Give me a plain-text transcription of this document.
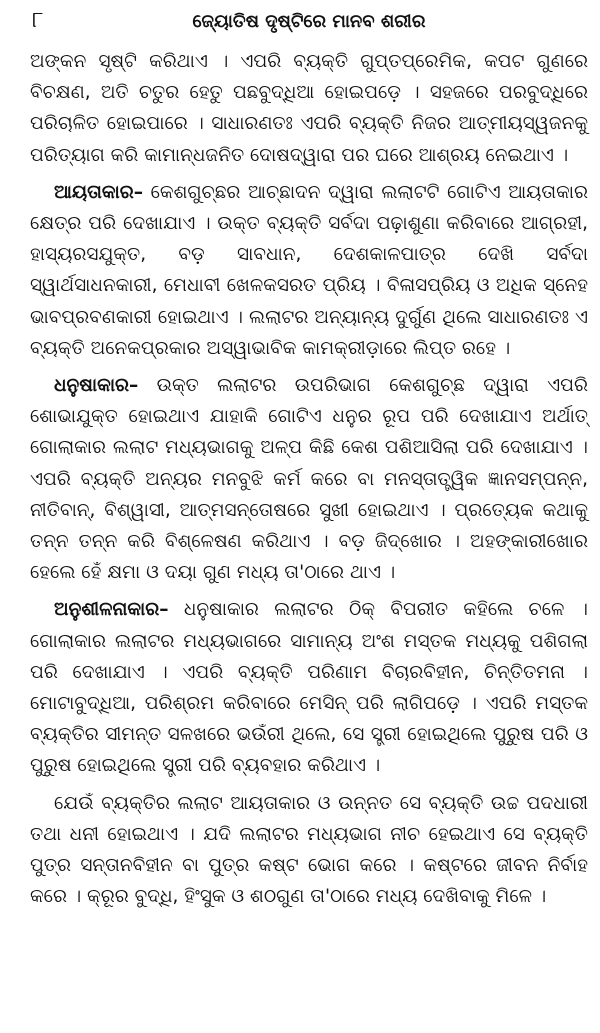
୮	ଜ୍ୟୋତିଷ ଦୃଷ୍ଟିରେ ମାନବ ଶରୀର

ଅଙ୍କନ ସୃଷ୍ଟି କରିଥାଏ । ଏପରି ବ୍ୟକ୍ତି ଗୁପ୍ତପ୍ରେମିକ, କପଟ ଗୁଣରେ ବିଚକ୍ଷଣ, ଅତି ଚତୁର ହେତୁ ପଛବୁଦ୍ଧିଆ ହୋଇପଡ଼େ । ସହଜରେ ପରବୁଦ୍ଧିରେ ପରିଚାଳିତ ହୋଇପାରେ । ସାଧାରଣତଃ ଏପରି ବ୍ୟକ୍ତି ନିଜର ଆତ୍ମୀୟସ୍ୱଜନକୁ ପରିତ୍ୟାଗ କରି କାମାନ୍ଧଜନିତ ଦୋଷଦ୍ୱାରା ପର ଘରେ ଆଶ୍ରୟ ନେଇଥାଏ ।

ଆୟତାକାର– କେଶଗୁଚ୍ଛର ଆଚ୍ଛାଦନ ଦ୍ୱାରା ଲଲାଟଟି ଗୋଟିଏ ଆୟତାକାର କ୍ଷେତ୍ର ପରି ଦେଖାଯାଏ । ଉକ୍ତ ବ୍ୟକ୍ତି ସର୍ବଦା ପଢ଼ାଶୁଣା କରିବାରେ ଆଗ୍ରହୀ, ହାସ୍ୟରସଯୁକ୍ତ, ବଡ଼ ସାବଧାନ, ଦେଶକାଳପାତ୍ର ଦେଖି ସର୍ବଦା ସ୍ୱାର୍ଥସାଧନକାରୀ, ମେଧାବୀ ଖେଳକସରତ ପ୍ରିୟ । ବିଳାସପ୍ରିୟ ଓ ଅଧିକ ସ୍ନେହ ଭାବପ୍ରବଣକାରୀ ହୋଇଥାଏ । ଲଲାଟର ଅନ୍ୟାନ୍ୟ ଦୁର୍ଗୁଣ ଥିଲେ ସାଧାରଣତଃ ଏ ବ୍ୟକ୍ତି ଅନେକପ୍ରକାର ଅସ୍ୱାଭାବିକ କାମକ୍ରୀଡ଼ାରେ ଲିପ୍ତ ରହେ ।

ଧନୁଷାକାର– ଉକ୍ତ ଲଲାଟର ଉପରିଭାଗ କେଶଗୁଚ୍ଛ ଦ୍ୱାରା ଏପରି ଶୋଭାଯୁକ୍ତ ହୋଇଥାଏ ଯାହାକି ଗୋଟିଏ ଧନୁର ରୂପ ପରି ଦେଖାଯାଏ ଅର୍ଥାତ୍ ଗୋଲାକାର ଲଲାଟ ମଧ୍ୟଭାଗକୁ ଅଳ୍ପ କିଛି କେଶ ପଶିଆସିଲା ପରି ଦେଖାଯାଏ । ଏପରି ବ୍ୟକ୍ତି ଅନ୍ୟର ମନବୁଝି କର୍ମ କରେ ବା ମନସ୍ତାତ୍ତ୍ୱିକ ଜ୍ଞାନସମ୍ପନ୍ନ, ନୀତିବାନ୍, ବିଶ୍ୱାସୀ, ଆତ୍ମସନ୍ତୋଷରେ ସୁଖୀ ହୋଇଥାଏ । ପ୍ରତ୍ୟେକ କଥାକୁ ତନ୍ନ ତନ୍ନ କରି ବିଶ୍ଳେଷଣ କରିଥାଏ । ବଡ଼ ଜିଦ୍‌ଖୋର । ଅହଙ୍କାରୀଖୋର ହେଲେ ହେଁ କ୍ଷମା ଓ ଦୟା ଗୁଣ ମଧ୍ୟ ତା'ଠାରେ ଥାଏ ।

ଅନୁଶୀଳନାକାର– ଧନୁଷାକାର ଲଲାଟର ଠିକ୍ ବିପରୀତ କହିଲେ ଚଳେ । ଗୋଲାକାର ଲଲାଟର ମଧ୍ୟଭାଗରେ ସାମାନ୍ୟ ଅଂଶ ମସ୍ତକ ମଧ୍ୟକୁ ପଶିଗଲା ପରି ଦେଖାଯାଏ । ଏପରି ବ୍ୟକ୍ତି ପରିଣାମ ବିଚାରବିହୀନ, ଚିନ୍ତିତମନା । ମୋଟାବୁଦ୍ଧିଆ, ପରିଶ୍ରମ କରିବାରେ ମେସିନ୍ ପରି ଲାଗିପଡ଼େ । ଏପରି ମସ୍ତକ ବ୍ୟକ୍ତିର ସୀମନ୍ତ ସଳଖରେ ଭଉଁରୀ ଥିଲେ, ସେ ସ୍ତ୍ରୀ ହୋଇଥିଲେ ପୁରୁଷ ପରି ଓ ପୁରୁଷ ହୋଇଥିଲେ ସ୍ତ୍ରୀ ପରି ବ୍ୟବହାର କରିଥାଏ ।

ଯେଉଁ ବ୍ୟକ୍ତିର ଲଲାଟ ଆୟତାକାର ଓ ଉନ୍ନତ ସେ ବ୍ୟକ୍ତି ଉଚ୍ଚ ପଦଧାରୀ ତଥା ଧନୀ ହୋଇଥାଏ । ଯଦି ଲଲାଟର ମଧ୍ୟଭାଗ ନୀଚ ହେଇଥାଏ ସେ ବ୍ୟକ୍ତି ପୁତ୍ର ସନ୍ତାନବିହୀନ ବା ପୁତ୍ର କଷ୍ଟ ଭୋଗ କରେ । କଷ୍ଟରେ ଜୀବନ ନିର୍ବାହ କରେ । କ୍ରୂର ବୁଦ୍ଧି, ହିଂସୁକ ଓ ଶଠଗୁଣ ତା'ଠାରେ ମଧ୍ୟ ଦେଖିବାକୁ ମିଳେ ।
